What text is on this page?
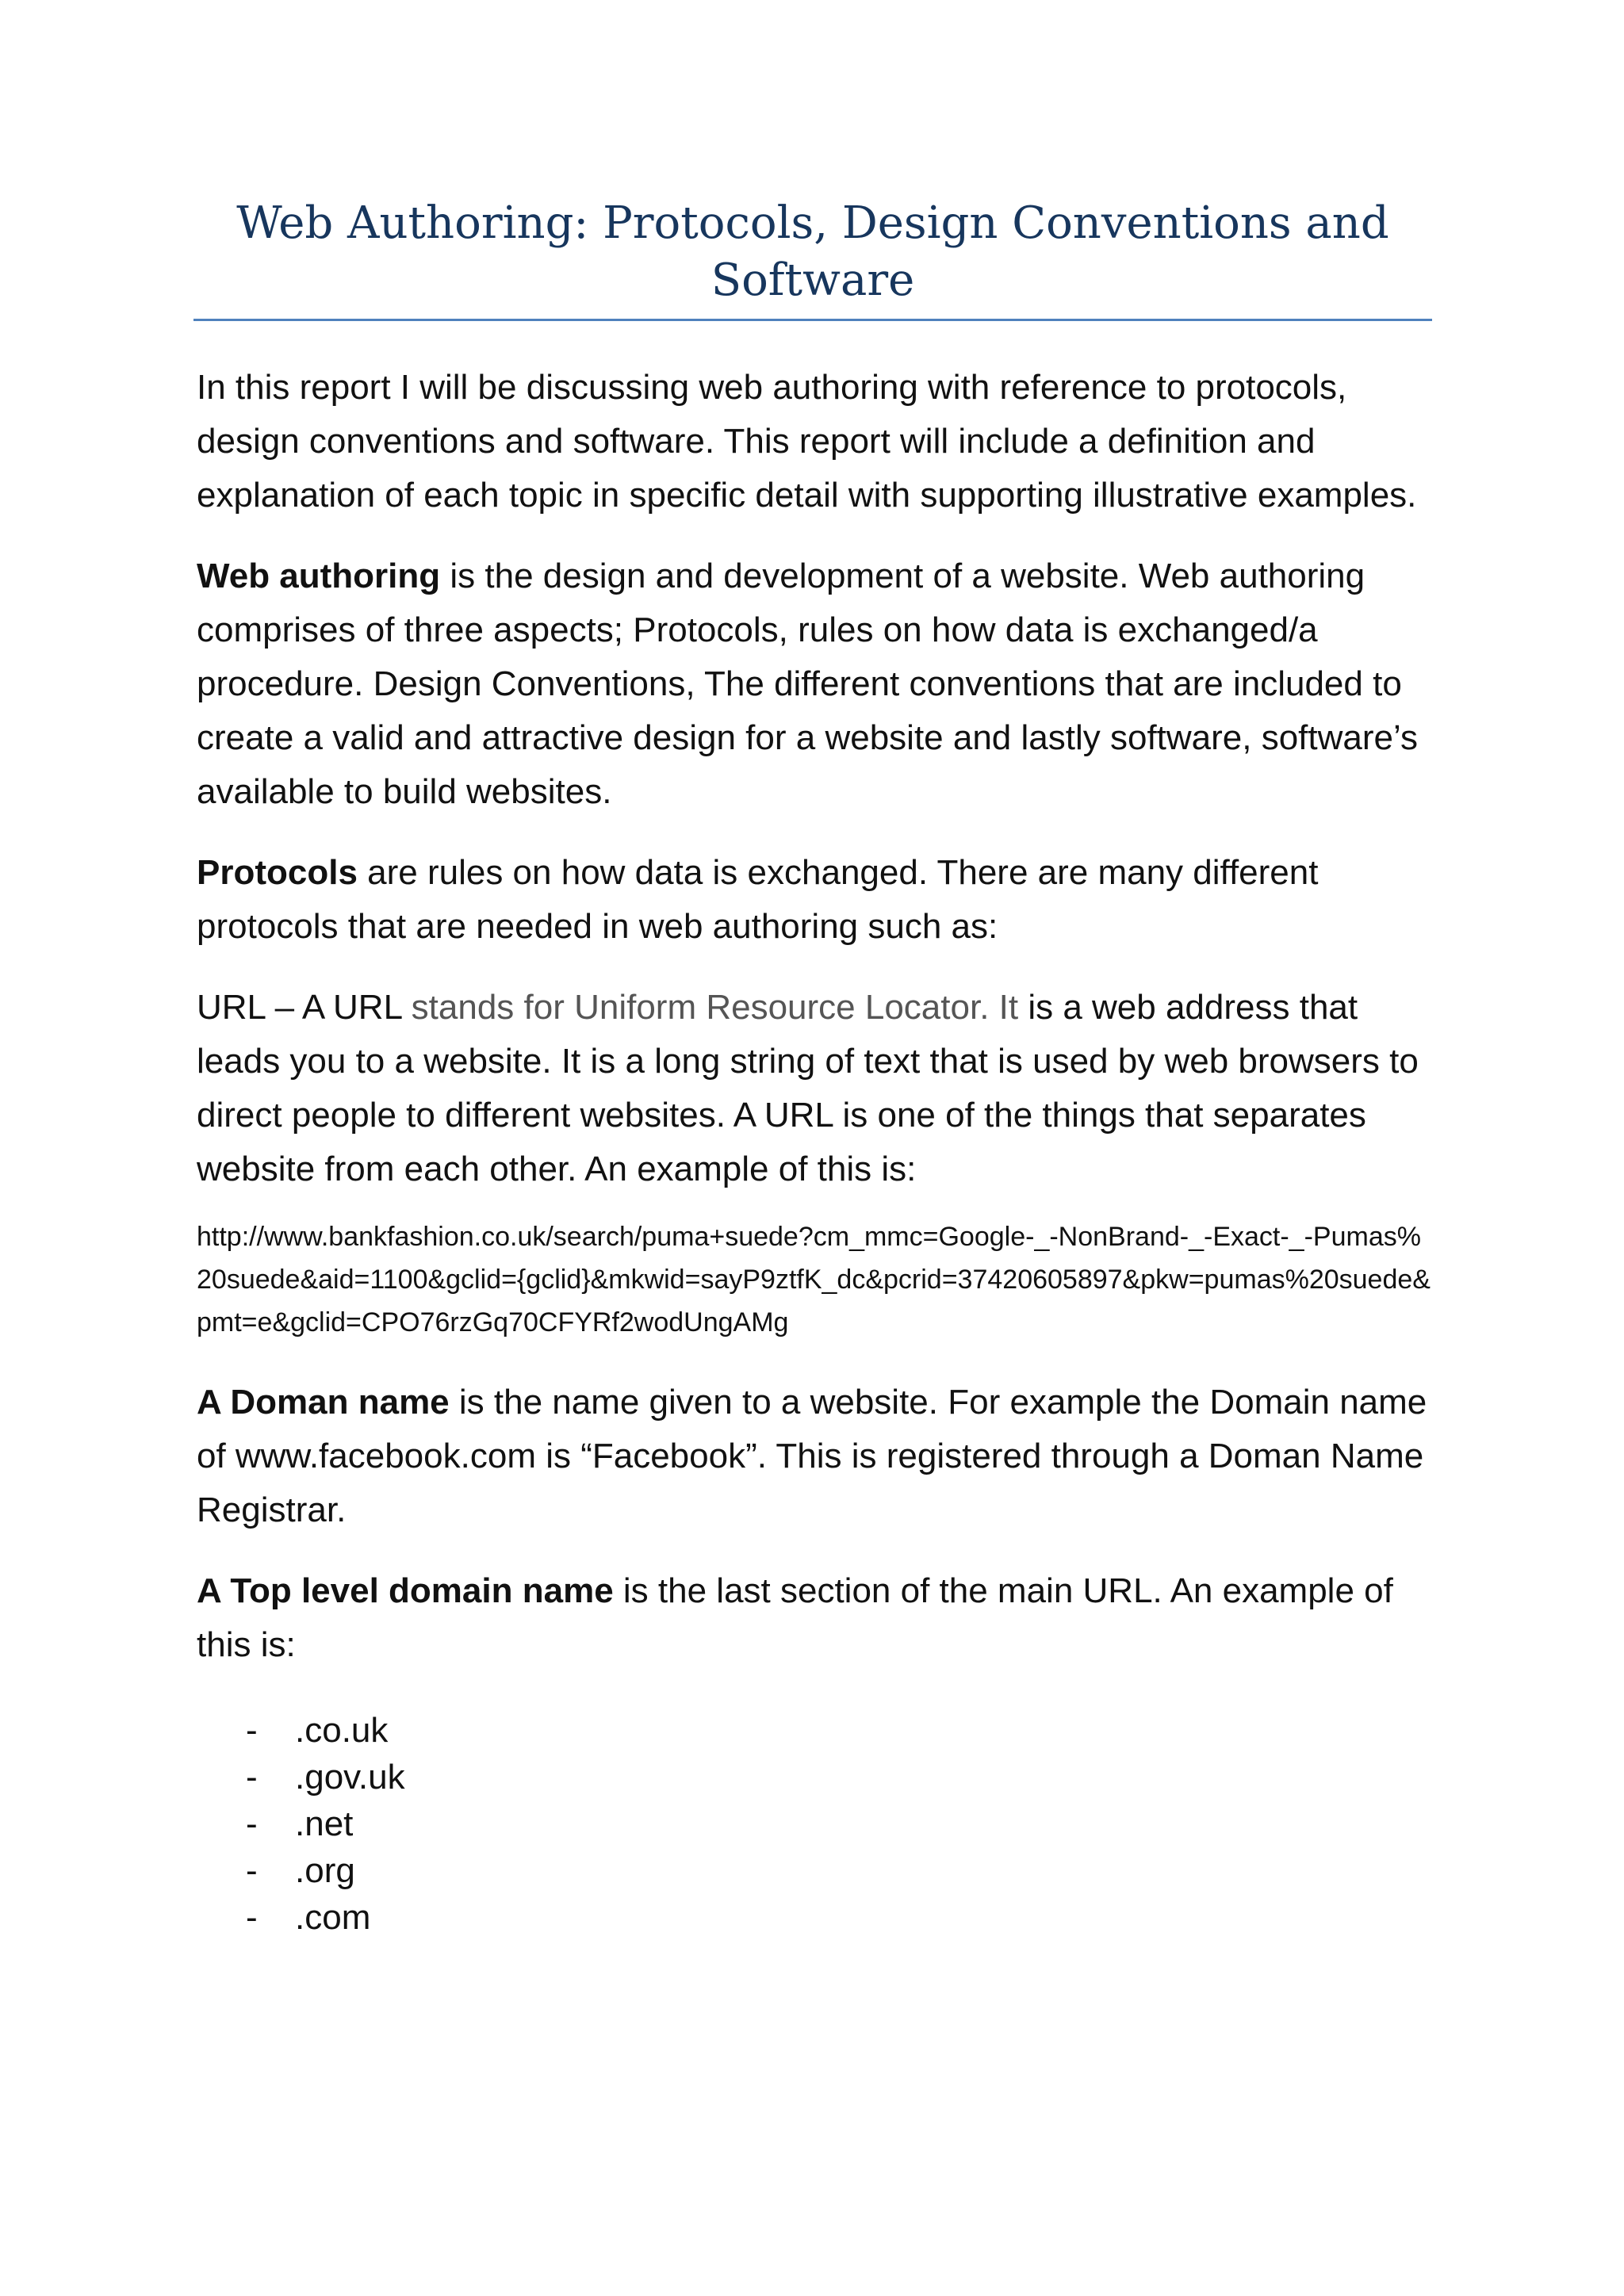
Web Authoring: Protocols, Design Conventions and
Software

In this report I will be discussing web authoring with reference to protocols, design conventions and software. This report will include a definition and explanation of each topic in specific detail with supporting illustrative examples.

Web authoring is the design and development of a website. Web authoring comprises of three aspects; Protocols, rules on how data is exchanged/a procedure. Design Conventions, The different conventions that are included to create a valid and attractive design for a website and lastly software, software’s available to build websites.

Protocols are rules on how data is exchanged. There are many different protocols that are needed in web authoring such as:

URL – A URL stands for Uniform Resource Locator. It is a web address that leads you to a website. It is a long string of text that is used by web browsers to direct people to different websites. A URL is one of the things that separates website from each other. An example of this is:

http://www.bankfashion.co.uk/search/puma+suede?cm_mmc=Google-_-NonBrand-_-Exact-_-Pumas%20suede&aid=1100&gclid={gclid}&mkwid=sayP9ztfK_dc&pcrid=37420605897&pkw=pumas%20suede&pmt=e&gclid=CPO76rzGq70CFYRf2wodUngAMg

A Doman name is the name given to a website. For example the Domain name of www.facebook.com is “Facebook”. This is registered through a Doman Name Registrar.

A Top level domain name is the last section of the main URL. An example of this is:

-	.co.uk
-	.gov.uk
-	.net
-	.org
-	.com
